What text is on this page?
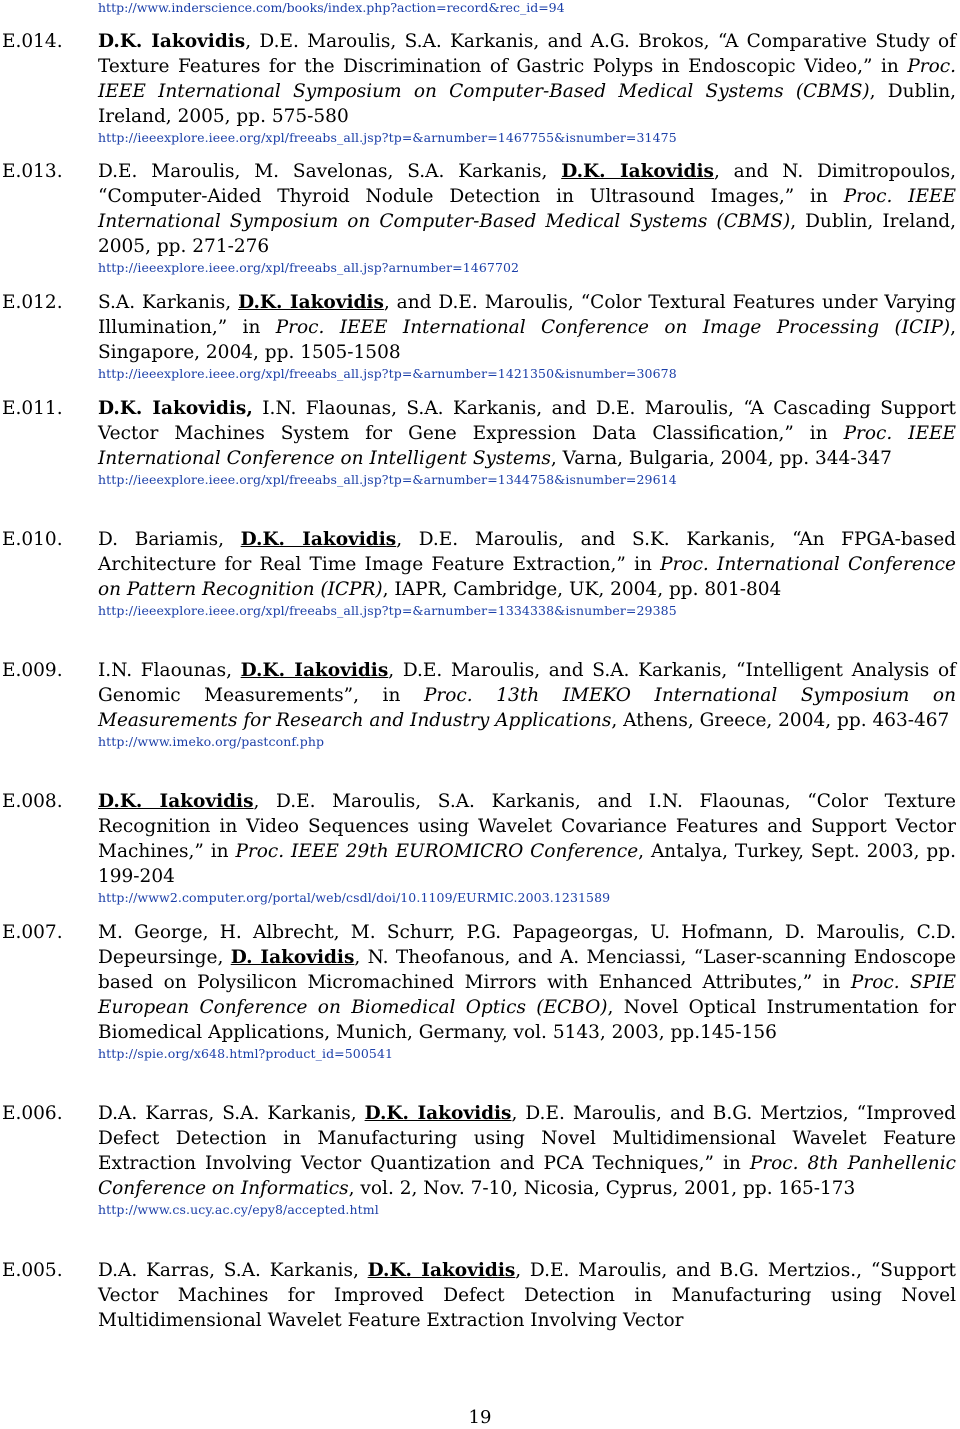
http://www.inderscience.com/books/index.php?action=record&rec_id=94
E.014. D.K. Iakovidis, D.E. Maroulis, S.A. Karkanis, and A.G. Brokos, “A Comparative Study of Texture Features for the Discrimination of Gastric Polyps in Endoscopic Video,” in Proc. IEEE International Symposium on Computer-Based Medical Systems (CBMS), Dublin, Ireland, 2005, pp. 575-580
http://ieeexplore.ieee.org/xpl/freeabs_all.jsp?tp=&arnumber=1467755&isnumber=31475
E.013. D.E. Maroulis, M. Savelonas, S.A. Karkanis, D.K. Iakovidis, and N. Dimitropoulos, “Computer-Aided Thyroid Nodule Detection in Ultrasound Images,” in Proc. IEEE International Symposium on Computer-Based Medical Systems (CBMS), Dublin, Ireland, 2005, pp. 271-276
http://ieeexplore.ieee.org/xpl/freeabs_all.jsp?arnumber=1467702
E.012. S.A. Karkanis, D.K. Iakovidis, and D.E. Maroulis, “Color Textural Features under Varying Illumination,” in Proc. IEEE International Conference on Image Processing (ICIP), Singapore, 2004, pp. 1505-1508
http://ieeexplore.ieee.org/xpl/freeabs_all.jsp?tp=&arnumber=1421350&isnumber=30678
E.011. D.K. Iakovidis, I.N. Flaounas, S.A. Karkanis, and D.E. Maroulis, “A Cascading Support Vector Machines System for Gene Expression Data Classification,” in Proc. IEEE International Conference on Intelligent Systems, Varna, Bulgaria, 2004, pp. 344-347
http://ieeexplore.ieee.org/xpl/freeabs_all.jsp?tp=&arnumber=1344758&isnumber=29614
E.010. D. Bariamis, D.K. Iakovidis, D.E. Maroulis, and S.K. Karkanis, “An FPGA-based Architecture for Real Time Image Feature Extraction,” in Proc. International Conference on Pattern Recognition (ICPR), IAPR, Cambridge, UK, 2004, pp. 801-804
http://ieeexplore.ieee.org/xpl/freeabs_all.jsp?tp=&arnumber=1334338&isnumber=29385
E.009. I.N. Flaounas, D.K. Iakovidis, D.E. Maroulis, and S.A. Karkanis, “Intelligent Analysis of Genomic Measurements”, in Proc. 13th IMEKO International Symposium on Measurements for Research and Industry Applications, Athens, Greece, 2004, pp. 463-467
http://www.imeko.org/pastconf.php
E.008. D.K. Iakovidis, D.E. Maroulis, S.A. Karkanis, and I.N. Flaounas, “Color Texture Recognition in Video Sequences using Wavelet Covariance Features and Support Vector Machines,” in Proc. IEEE 29th EUROMICRO Conference, Antalya, Turkey, Sept. 2003, pp. 199-204
http://www2.computer.org/portal/web/csdl/doi/10.1109/EURMIC.2003.1231589
E.007. M. George, H. Albrecht, M. Schurr, P.G. Papageorgas, U. Hofmann, D. Maroulis, C.D. Depeursinge, D. Iakovidis, N. Theofanous, and A. Menciassi, “Laser-scanning Endoscope based on Polysilicon Micromachined Mirrors with Enhanced Attributes,” in Proc. SPIE European Conference on Biomedical Optics (ECBO), Novel Optical Instrumentation for Biomedical Applications, Munich, Germany, vol. 5143, 2003, pp.145-156
http://spie.org/x648.html?product_id=500541
E.006. D.A. Karras, S.A. Karkanis, D.K. Iakovidis, D.E. Maroulis, and B.G. Mertzios, “Improved Defect Detection in Manufacturing using Novel Multidimensional Wavelet Feature Extraction Involving Vector Quantization and PCA Techniques,” in Proc. 8th Panhellenic Conference on Informatics, vol. 2, Nov. 7-10, Nicosia, Cyprus, 2001, pp. 165-173
http://www.cs.ucy.ac.cy/epy8/accepted.html
E.005. D.A. Karras, S.A. Karkanis, D.K. Iakovidis, D.E. Maroulis, and B.G. Mertzios., “Support Vector Machines for Improved Defect Detection in Manufacturing using Novel Multidimensional Wavelet Feature Extraction Involving Vector
19
